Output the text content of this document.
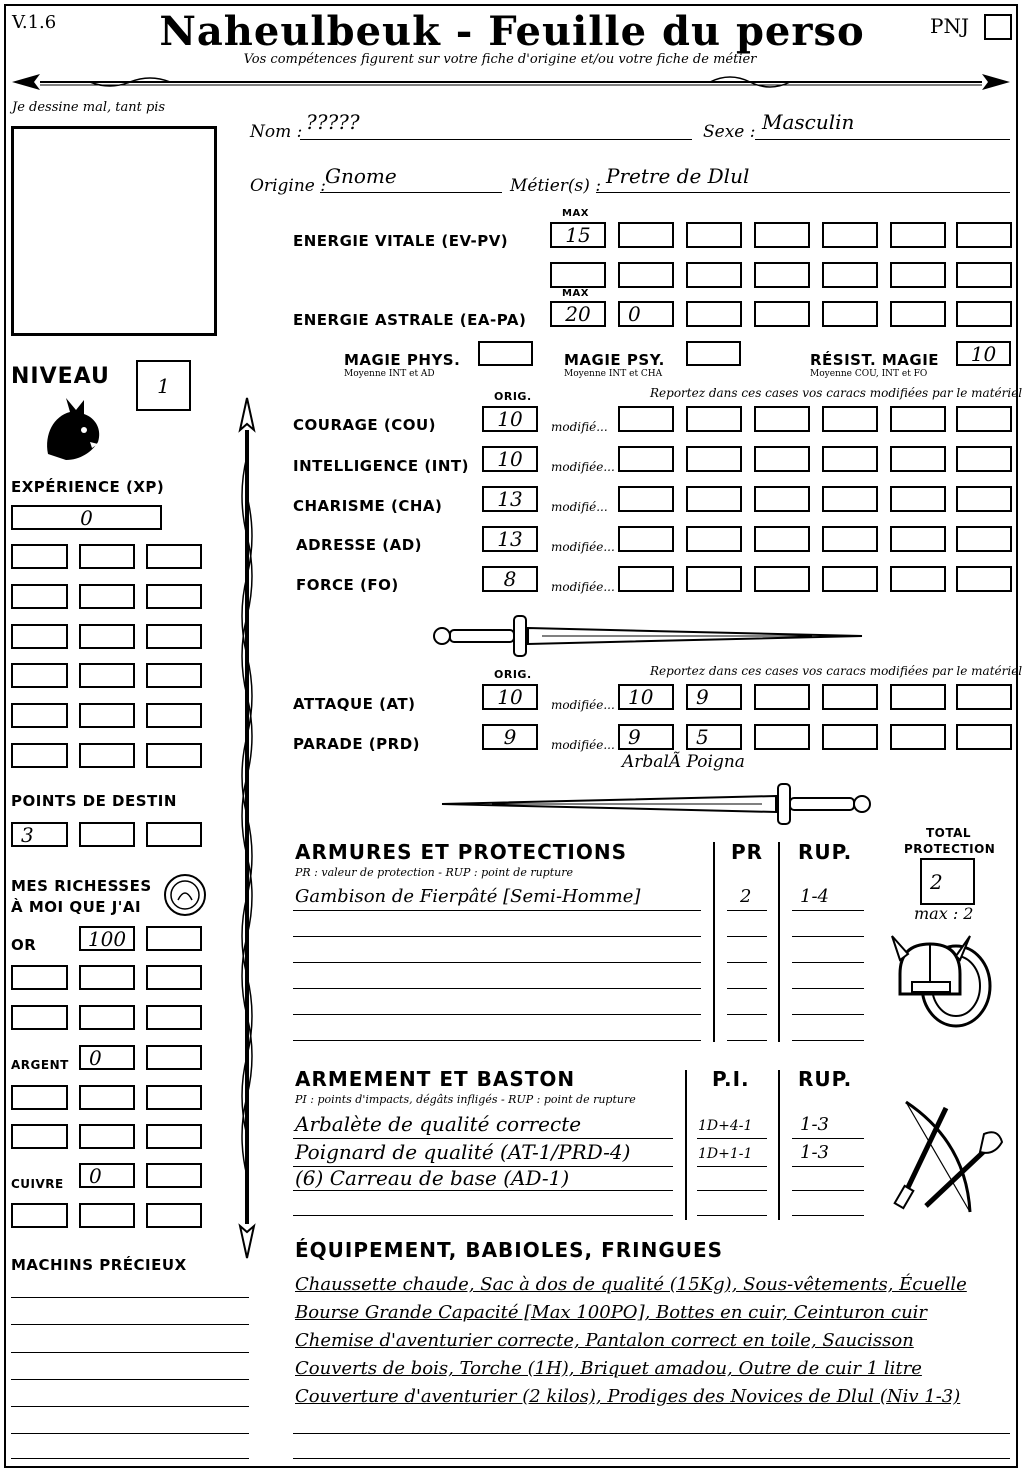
V.1.6	Naheulbeuk - Feuille du perso
Vos compétences figurent sur votre fiche d'origine et/ou votre fiche de métier
PNJ
Je dessine mal, tant pis
Nom : ?????	Sexe : Masculin
Origine : Gnome	Métier(s) : Pretre de Dlul
MAX
ENERGIE VITALE (EV-PV)	15
MAX
ENERGIE ASTRALE (EA-PA)	20	0
MAGIE PHYS.
Moyenne INT et AD
MAGIE PSY.
Moyenne INT et CHA
RÉSIST. MAGIE
Moyenne COU, INT et FO
10
ORIG.	Reportez dans ces cases vos caracs modifiées par le matériel
COURAGE (COU)	10	modifié...
INTELLIGENCE (INT)	10	modifiée...
CHARISME (CHA)	13	modifié...
ADRESSE (AD)	13	modifiée...
FORCE (FO)	8	modifiée...
ORIG.	Reportez dans ces cases vos caracs modifiées par le matériel
ATTAQUE (AT)	10	modifiée... 10	9
PARADE (PRD)	9	modifiée... 9	5
ArbalÃ Poigna
NIVEAU	1
EXPÉRIENCE (XP)
0
POINTS DE DESTIN
3
MES RICHESSES
À MOI QUE J'AI
OR	100
ARGENT	0
CUIVRE	0
MACHINS PRÉCIEUX
ARMURES ET PROTECTIONS
PR : valeur de protection - RUP : point de rupture
PR RUP.
Gambison de Fierpâté [Semi-Homme]	2	1-4
TOTAL
PROTECTION
2
max : 2
ARMEMENT ET BASTON
PI : points d'impacts, dégâts infligés - RUP : point de rupture
P.I. RUP.
Arbalète de qualité correcte	1D+4-1	1-3
Poignard de qualité (AT-1/PRD-4)	1D+1-1	1-3
(6) Carreau de base (AD-1)
ÉQUIPEMENT, BABIOLES, FRINGUES
Chaussette chaude, Sac à dos de qualité (15Kg), Sous-vêtements, Écuelle
Bourse Grande Capacité [Max 100PO], Bottes en cuir, Ceinturon cuir
Chemise d'aventurier correcte, Pantalon correct en toile, Saucisson
Couverts de bois, Torche (1H), Briquet amadou, Outre de cuir 1 litre
Couverture d'aventurier (2 kilos), Prodiges des Novices de Dlul (Niv 1-3)
